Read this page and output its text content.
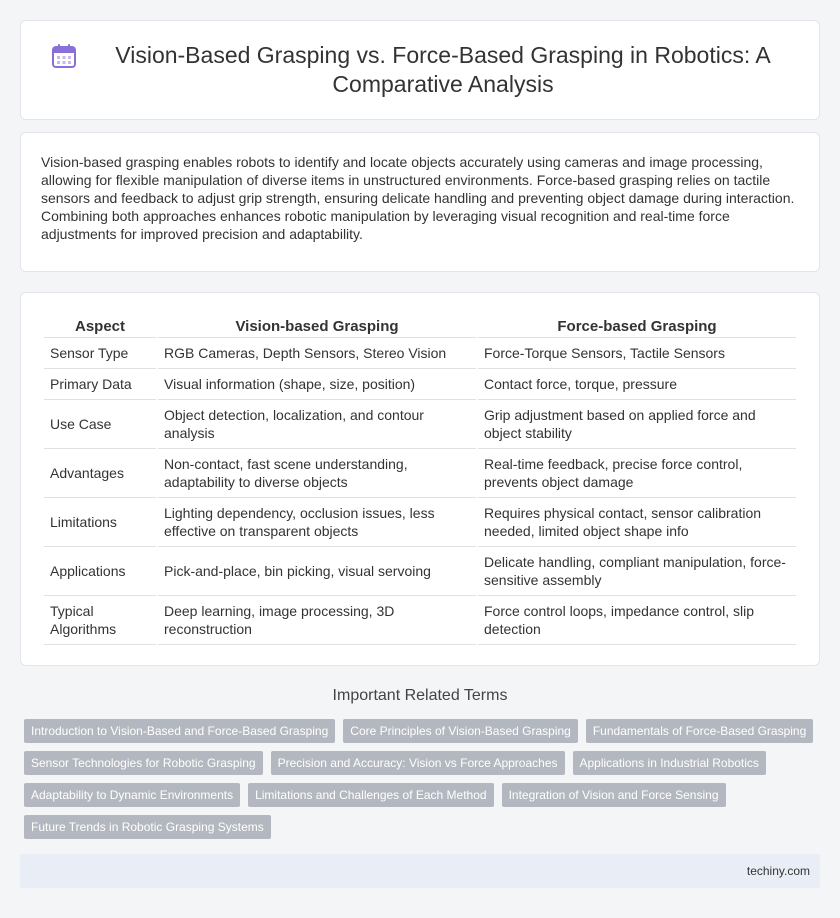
Vision-Based Grasping vs. Force-Based Grasping in Robotics: A Comparative Analysis

Vision-based grasping enables robots to identify and locate objects accurately using cameras and image processing, allowing for flexible manipulation of diverse items in unstructured environments. Force-based grasping relies on tactile sensors and feedback to adjust grip strength, ensuring delicate handling and preventing object damage during interaction. Combining both approaches enhances robotic manipulation by leveraging visual recognition and real-time force adjustments for improved precision and adaptability.

Aspect	Vision-based Grasping	Force-based Grasping
Sensor Type	RGB Cameras, Depth Sensors, Stereo Vision	Force-Torque Sensors, Tactile Sensors
Primary Data	Visual information (shape, size, position)	Contact force, torque, pressure
Use Case	Object detection, localization, and contour analysis	Grip adjustment based on applied force and object stability
Advantages	Non-contact, fast scene understanding, adaptability to diverse objects	Real-time feedback, precise force control, prevents object damage
Limitations	Lighting dependency, occlusion issues, less effective on transparent objects	Requires physical contact, sensor calibration needed, limited object shape info
Applications	Pick-and-place, bin picking, visual servoing	Delicate handling, compliant manipulation, force-sensitive assembly
Typical Algorithms	Deep learning, image processing, 3D reconstruction	Force control loops, impedance control, slip detection
Important Related Terms
Introduction to Vision-Based and Force-Based Grasping	Core Principles of Vision-Based Grasping	Fundamentals of Force-Based Grasping
Sensor Technologies for Robotic Grasping	Precision and Accuracy: Vision vs Force Approaches	Applications in Industrial Robotics
Adaptability to Dynamic Environments	Limitations and Challenges of Each Method	Integration of Vision and Force Sensing
Future Trends in Robotic Grasping Systems
techiny.com
